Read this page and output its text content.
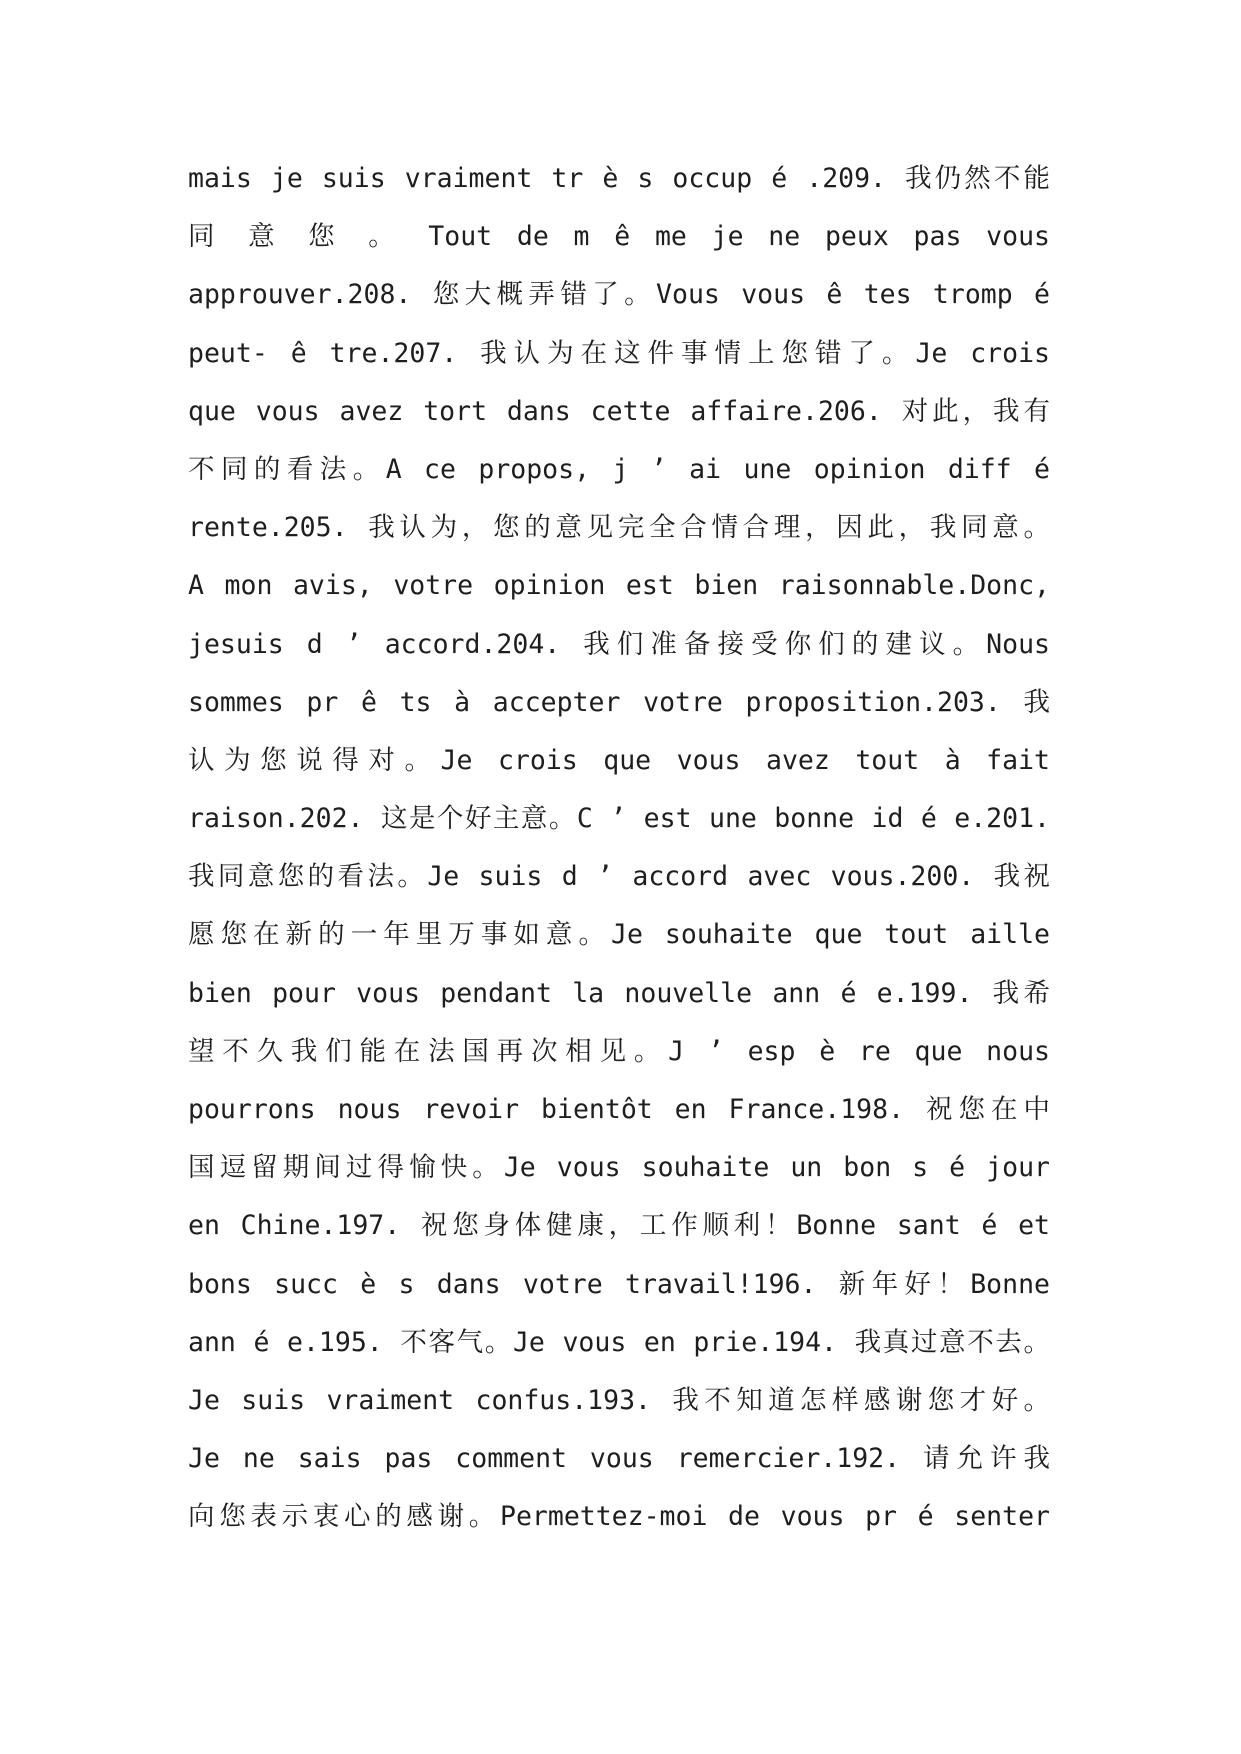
mais je suis vraiment tr è s occup é .209. 我仍然不能
同 意 您 。 Tout de m ê me je ne peux pas vous
approuver.208. 您大概弄错了。Vous vous ê tes tromp é
peut- ê tre.207. 我认为在这件事情上您错了。Je crois
que vous avez tort dans cette affaire.206. 对此，我有
不同的看法。A ce propos, j ’ ai une opinion diff é
rente.205. 我认为，您的意见完全合情合理，因此，我同意。
A mon avis, votre opinion est bien raisonnable.Donc,
jesuis d ’ accord.204. 我们准备接受你们的建议。Nous
sommes pr ê ts à accepter votre proposition.203. 我
认为您说得对。Je crois que vous avez tout à fait
raison.202. 这是个好主意。C ’ est une bonne id é e.201.
我同意您的看法。Je suis d ’ accord avec vous.200. 我祝
愿您在新的一年里万事如意。Je souhaite que tout aille
bien pour vous pendant la nouvelle ann é e.199. 我希
望不久我们能在法国再次相见。J ’ esp è re que nous
pourrons nous revoir bientôt en France.198. 祝您在中
国逗留期间过得愉快。Je vous souhaite un bon s é jour
en Chine.197. 祝您身体健康，工作顺利！Bonne sant é et
bons succ è s dans votre travail!196. 新年好！Bonne
ann é e.195. 不客气。Je vous en prie.194. 我真过意不去。
Je suis vraiment confus.193. 我不知道怎样感谢您才好。
Je ne sais pas comment vous remercier.192. 请允许我
向您表示衷心的感谢。Permettez-moi de vous pr é senter
